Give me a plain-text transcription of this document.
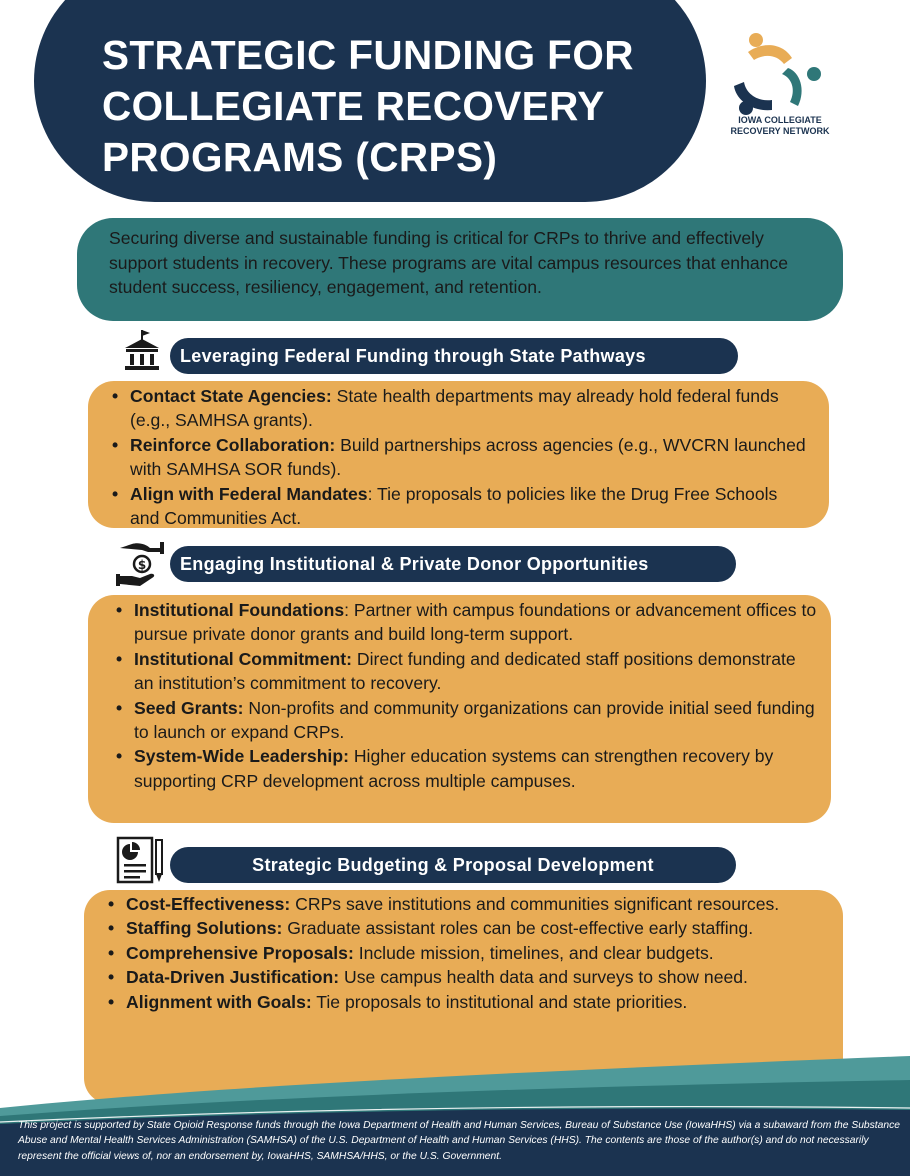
STRATEGIC FUNDING FOR COLLEGIATE RECOVERY PROGRAMS (CRPS)
IOWA COLLEGIATE RECOVERY NETWORK
Securing diverse and sustainable funding is critical for CRPs to thrive and effectively support students in recovery. These programs are vital campus resources that enhance student success, resiliency, engagement, and retention.
Leveraging Federal Funding through State Pathways
• Contact State Agencies: State health departments may already hold federal funds (e.g., SAMHSA grants).
• Reinforce Collaboration: Build partnerships across agencies (e.g., WVCRN launched with SAMHSA SOR funds).
• Align with Federal Mandates: Tie proposals to policies like the Drug Free Schools and Communities Act.
$	Engaging Institutional & Private Donor Opportunities
• Institutional Foundations: Partner with campus foundations or advancement offices to pursue private donor grants and build long-term support.
• Institutional Commitment: Direct funding and dedicated staff positions demonstrate an institution’s commitment to recovery.
• Seed Grants: Non-profits and community organizations can provide initial seed funding to launch or expand CRPs.
• System-Wide Leadership: Higher education systems can strengthen recovery by supporting CRP development across multiple campuses.
Strategic Budgeting & Proposal Development
• Cost-Effectiveness: CRPs save institutions and communities significant resources.
• Staffing Solutions: Graduate assistant roles can be cost-effective early staffing.
• Comprehensive Proposals: Include mission, timelines, and clear budgets.
• Data-Driven Justification: Use campus health data and surveys to show need.
• Alignment with Goals: Tie proposals to institutional and state priorities.
This project is supported by State Opioid Response funds through the Iowa Department of Health and Human Services, Bureau of Substance Use (IowaHHS) via a subaward from the Substance Abuse and Mental Health Services Administration (SAMHSA) of the U.S. Department of Health and Human Services (HHS). The contents are those of the author(s) and do not necessarily represent the official views of, nor an endorsement by, IowaHHS, SAMHSA/HHS, or the U.S. Government.
